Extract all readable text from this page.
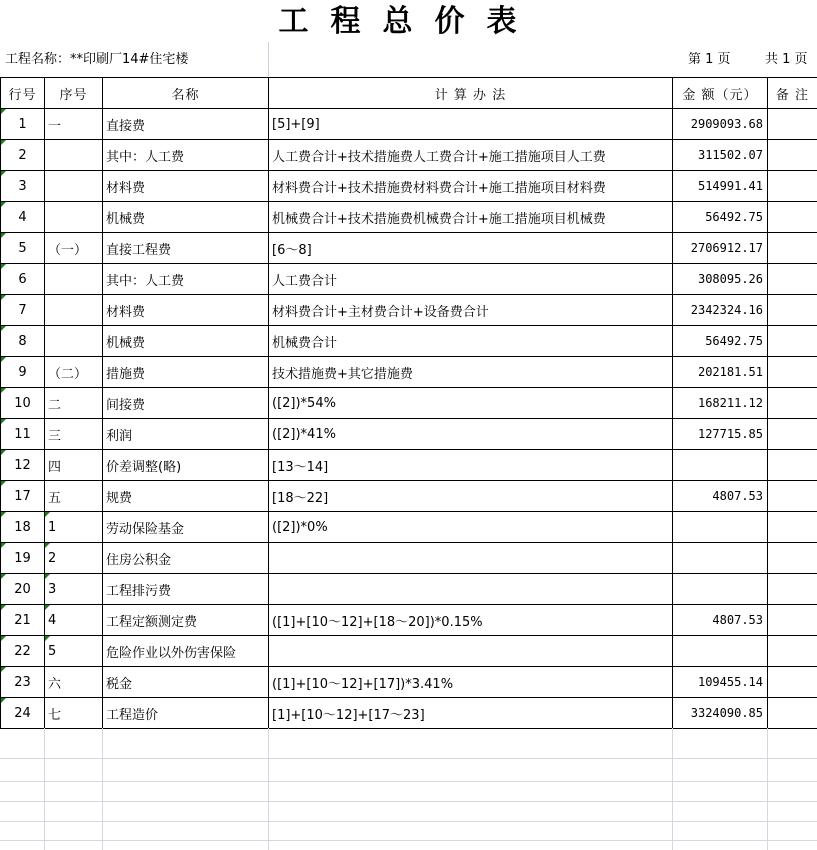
工程总价表
工程名称：**印刷厂14#住宅楼	第 1 页	共 1 页
行号	序号	名称	计 算 办 法	金 额（元）	备 注
1	一	直接费	[5]+[9]	2909093.68	
2		其中：人工费	人工费合计+技术措施费人工费合计+施工措施项目人工费	311502.07	
3		材料费	材料费合计+技术措施费材料费合计+施工措施项目材料费	514991.41	
4		机械费	机械费合计+技术措施费机械费合计+施工措施项目机械费	56492.75	
5	（一）	直接工程费	[6～8]	2706912.17	
6		其中：人工费	人工费合计	308095.26	
7		材料费	材料费合计+主材费合计+设备费合计	2342324.16	
8		机械费	机械费合计	56492.75	
9	（二）	措施费	技术措施费+其它措施费	202181.51	
10	二	间接费	([2])*54%	168211.12	
11	三	利润	([2])*41%	127715.85	
12	四	价差调整(略)	[13～14]		
17	五	规费	[18～22]	4807.53	
18	1	劳动保险基金	([2])*0%		
19	2	住房公积金			
20	3	工程排污费			
21	4	工程定额测定费	([1]+[10～12]+[18～20])*0.15%	4807.53	
22	5	危险作业以外伤害保险			
23	六	税金	([1]+[10～12]+[17])*3.41%	109455.14	
24	七	工程造价	[1]+[10～12]+[17～23]	3324090.85	
